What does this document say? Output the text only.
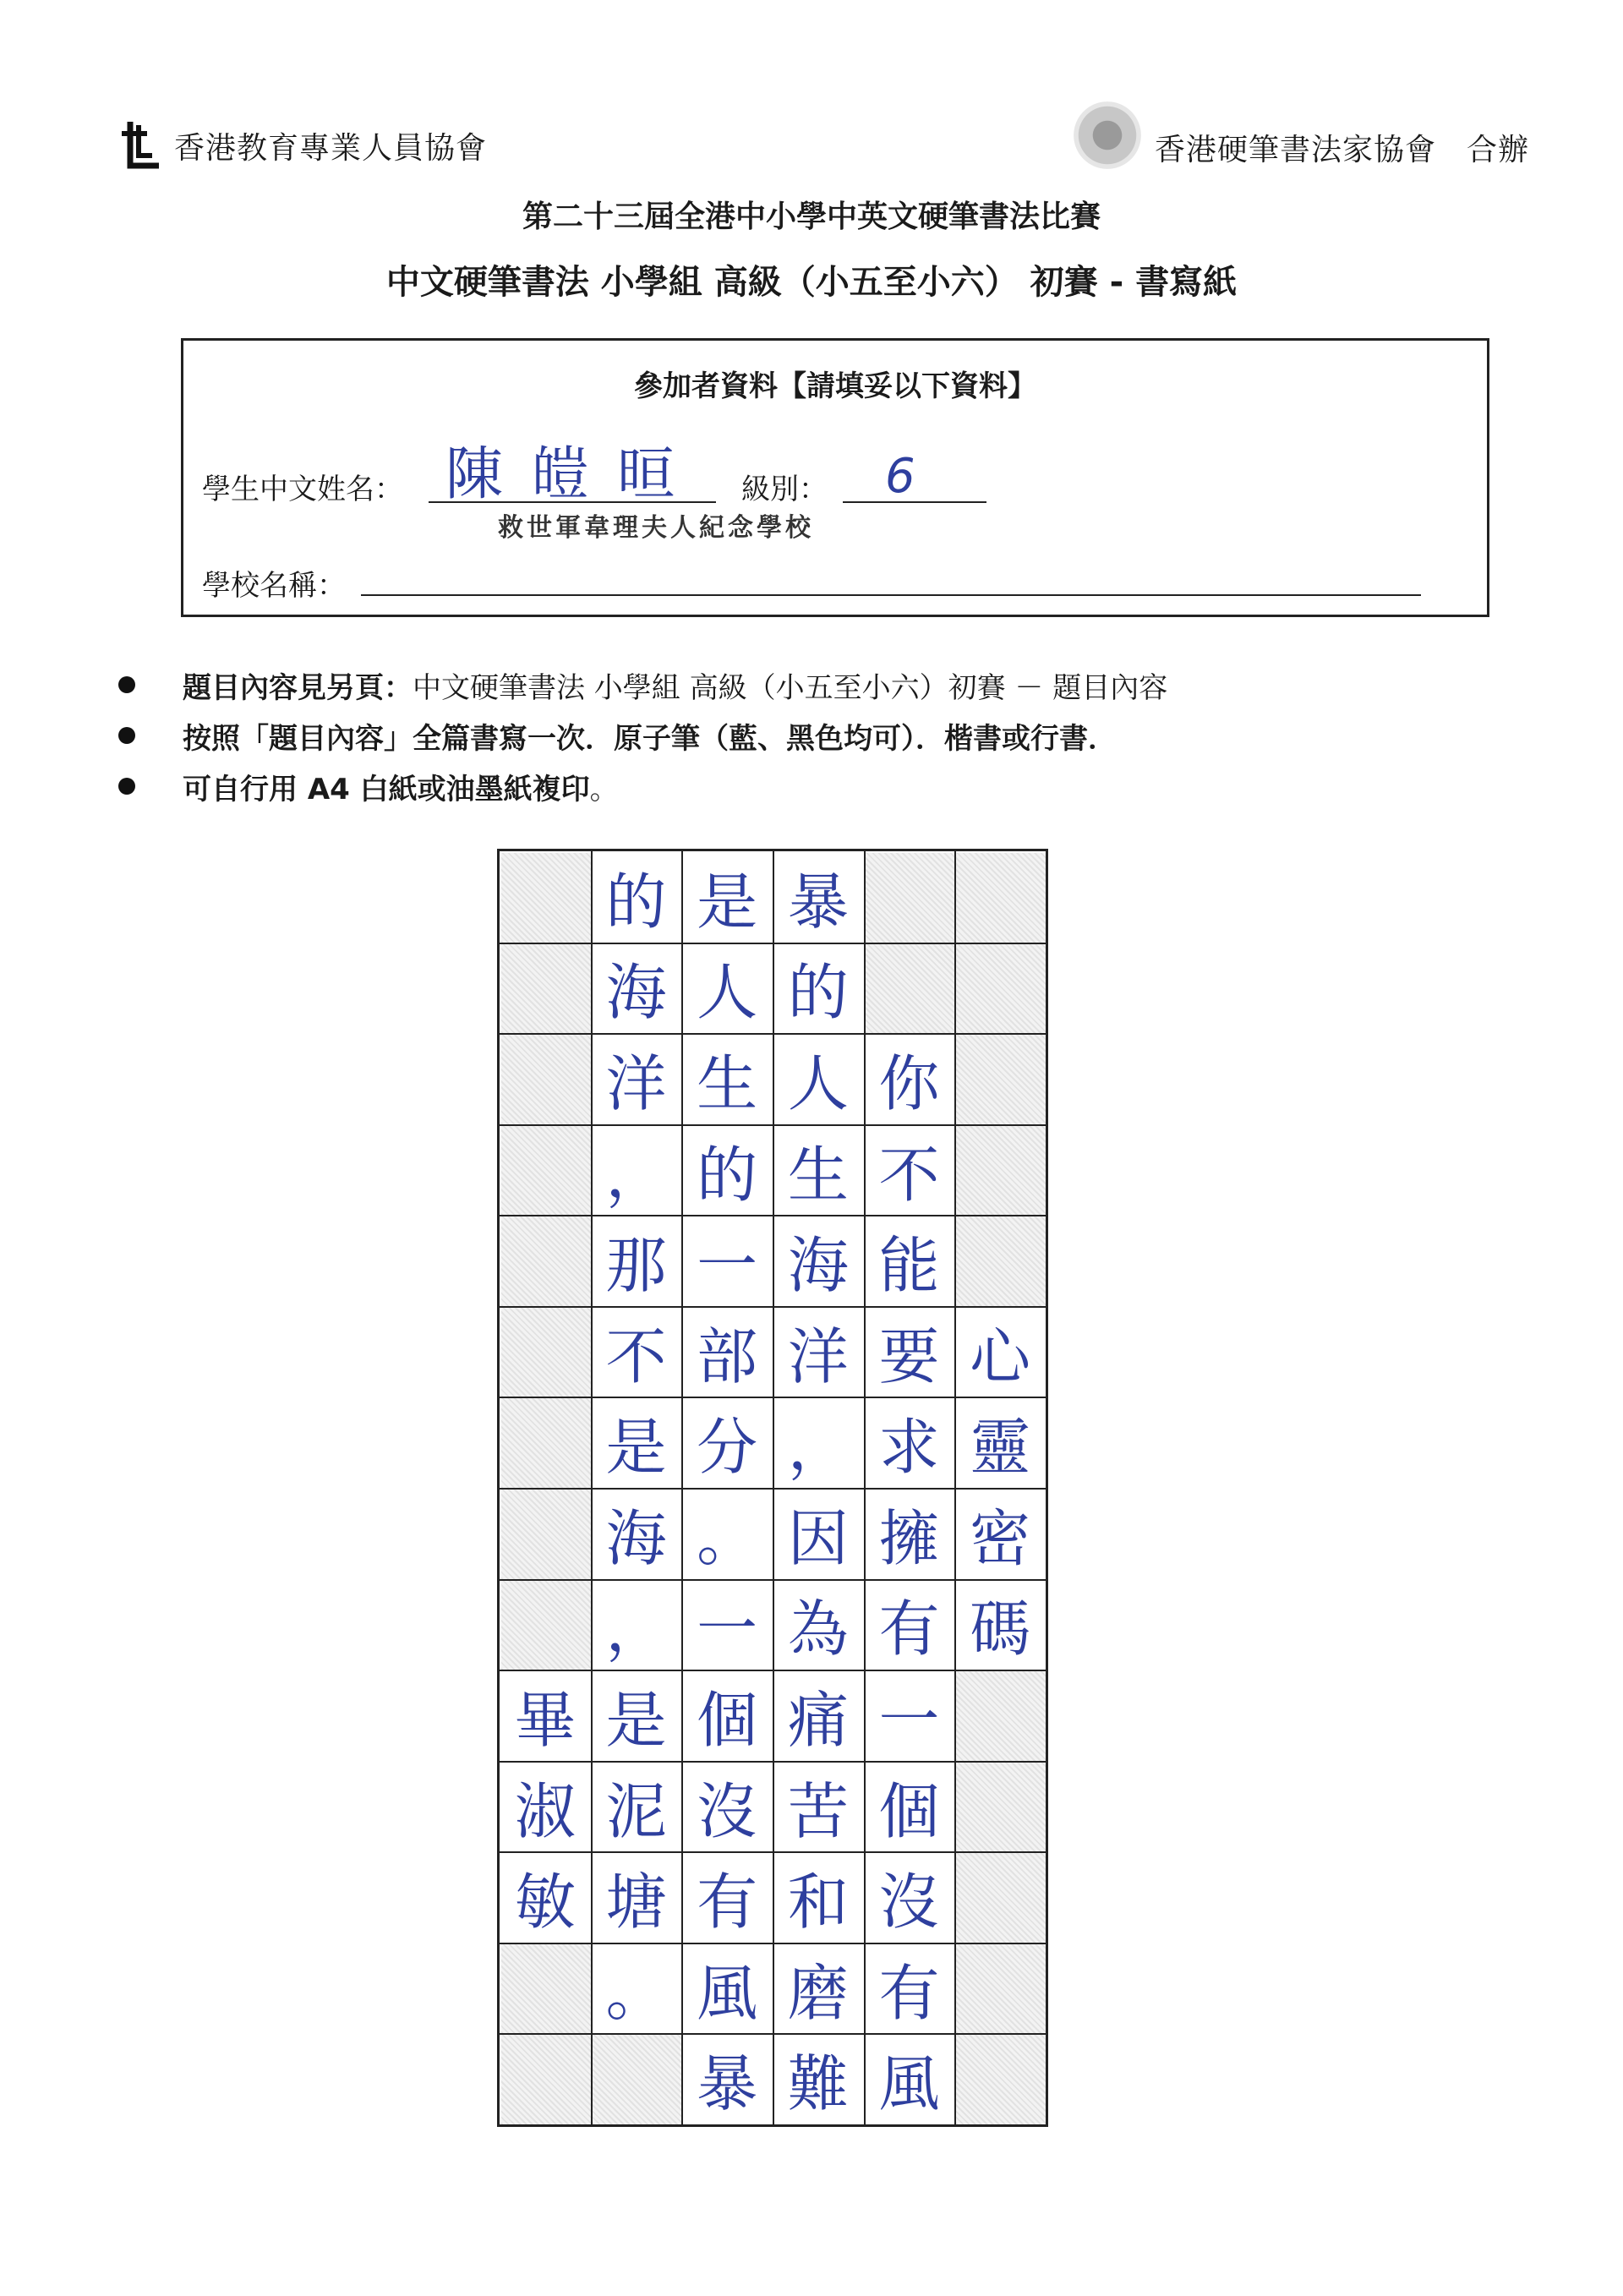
香港教育專業人員協會	香港硬筆書法家協會 合辦
第二十三屆全港中小學中英文硬筆書法比賽
中文硬筆書法 小學組 高級（小五至小六） 初賽 - 書寫紙
參加者資料【請填妥以下資料】
學生中文姓名： 陳 皚 晅 級別： 6
救世軍韋理夫人紀念學校
學校名稱：
題目內容見另頁： 中文硬筆書法 小學組 高級（小五至小六）初賽 － 題目內容
按照「題目內容」全篇書寫一次．原子筆（藍、黑色均可）．楷書或行書．
可自行用 A4 白紙或油墨紙複印 。
畢
淑
敏
的
海
洋
，
那
不
是
海
，
是
泥
塘
。
是
人
生
的
一
部
分
。
一
個
沒
有
風
暴
暴
的
人
生
海
洋
，
因
為
痛
苦
和
磨
難
你
不
能
要
求
擁
有
一
個
沒
有
風
心
靈
密
碼
